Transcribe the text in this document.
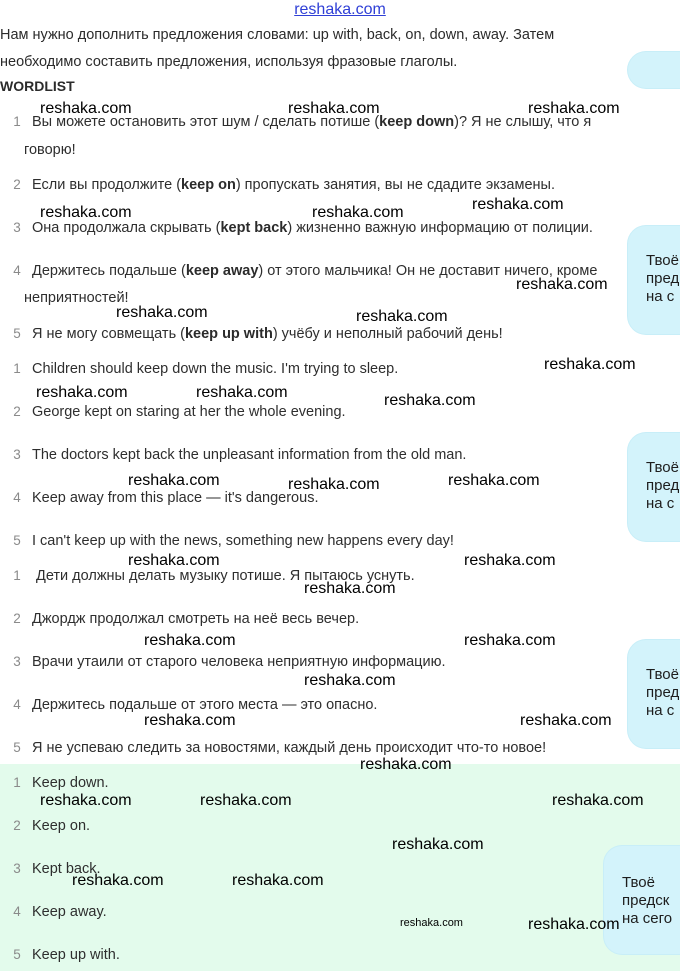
Твоё
пред
на с
Твоё
пред
на с
Твоё
пред
на с
Твоё
предск
на сего
reshaka.com
Нам нужно дополнить предложения словами: up with, back, on, down, away. Затем
необходимо составить предложения, используя фразовые глаголы.
WORDLIST
1 Вы можете остановить этот шум / сделать потише (keep down)? Я не слышу, что я
говорю!
2 Если вы продолжите (keep on) пропускать занятия, вы не сдадите экзамены.
3 Она продолжала скрывать (kept back) жизненно важную информацию от полиции.
4 Держитесь подальше (keep away) от этого мальчика! Он не доставит ничего, кроме
неприятностей!
5 Я не могу совмещать (keep up with) учёбу и неполный рабочий день!
1 Children should keep down the music. I'm trying to sleep.
2 George kept on staring at her the whole evening.
3 The doctors kept back the unpleasant information from the old man.
4 Keep away from this place — it's dangerous.
5 I can't keep up with the news, something new happens every day!
1 Дети должны делать музыку потише. Я пытаюсь уснуть.
2 Джордж продолжал смотреть на неё весь вечер.
3 Врачи утаили от старого человека неприятную информацию.
4 Держитесь подальше от этого места — это опасно.
5 Я не успеваю следить за новостями, каждый день происходит что-то новое!
1 Keep down.
2 Keep on.
3 Kept back.
4 Keep away.
5 Keep up with.
reshaka.com	reshaka.com	reshaka.com
reshaka.com	reshaka.com	reshaka.com
reshaka.com
reshaka.com	reshaka.com
reshaka.com
reshaka.com	reshaka.com	reshaka.com
reshaka.com	reshaka.com	reshaka.com
reshaka.com	reshaka.com
reshaka.com
reshaka.com	reshaka.com
reshaka.com
reshaka.com	reshaka.com
reshaka.com
reshaka.com	reshaka.com	reshaka.com
reshaka.com
reshaka.com	reshaka.com
reshaka.com	reshaka.com
